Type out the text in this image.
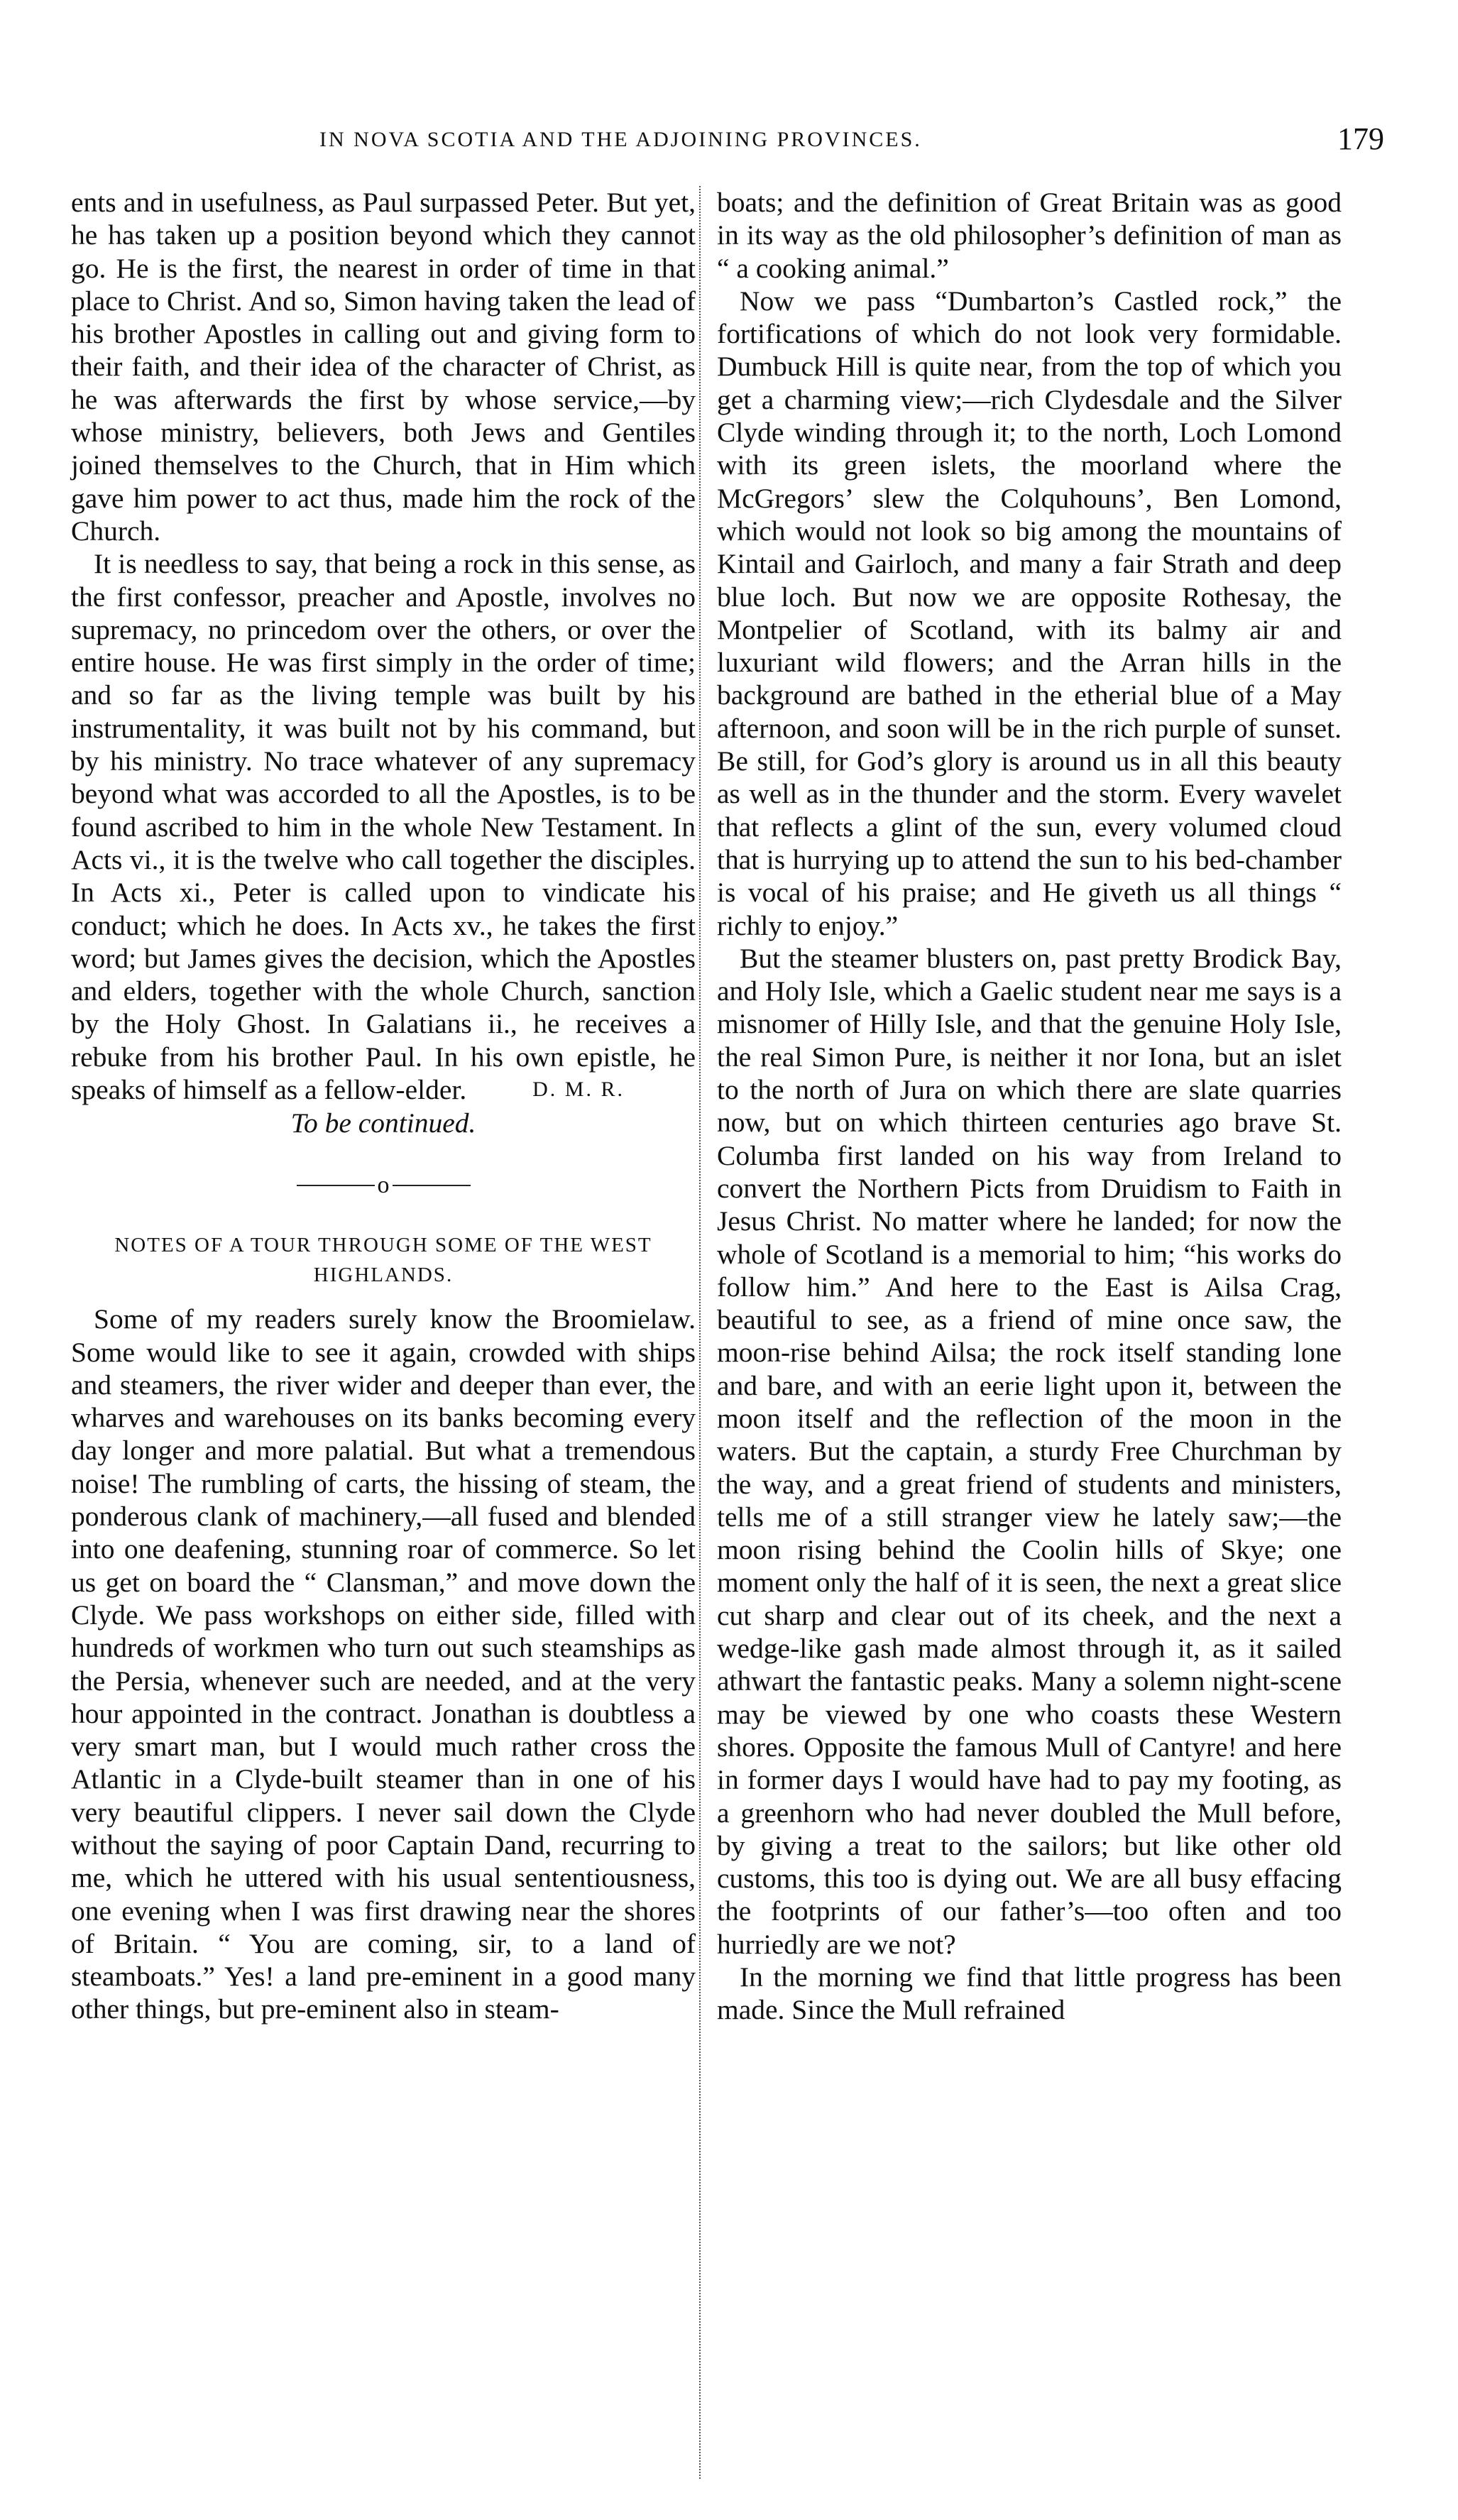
IN NOVA SCOTIA AND THE ADJOINING PROVINCES.	179

ents and in usefulness, as Paul surpassed Peter. But yet, he has taken up a position beyond which they cannot go. He is the first, the nearest in order of time in that place to Christ. And so, Simon having taken the lead of his brother Apostles in calling out and giving form to their faith, and their idea of the character of Christ, as he was afterwards the first by whose service,—by whose ministry, believers, both Jews and Gentiles joined themselves to the Church, that in Him which gave him power to act thus, made him the rock of the Church.

It is needless to say, that being a rock in this sense, as the first confessor, preacher and Apostle, involves no supremacy, no princedom over the others, or over the entire house. He was first simply in the order of time; and so far as the living temple was built by his instrumentality, it was built not by his command, but by his ministry. No trace whatever of any supremacy beyond what was accorded to all the Apostles, is to be found ascribed to him in the whole New Testament. In Acts vi., it is the twelve who call together the disciples. In Acts xi., Peter is called upon to vindicate his conduct; which he does. In Acts xv., he takes the first word; but James gives the decision, which the Apostles and elders, together with the whole Church, sanction by the Holy Ghost. In Galatians ii., he receives a rebuke from his brother Paul. In his own epistle, he speaks of himself as a fellow-elder.	D. M. R.

To be continued.

o
NOTES OF A TOUR THROUGH SOME OF THE WEST HIGHLANDS.

Some of my readers surely know the Broomielaw. Some would like to see it again, crowded with ships and steamers, the river wider and deeper than ever, the wharves and warehouses on its banks becoming every day longer and more palatial. But what a tremendous noise! The rumbling of carts, the hissing of steam, the ponderous clank of machinery,—all fused and blended into one deafening, stunning roar of commerce. So let us get on board the “ Clansman,” and move down the Clyde. We pass workshops on either side, filled with hundreds of workmen who turn out such steamships as the Persia, whenever such are needed, and at the very hour appointed in the contract. Jonathan is doubtless a very smart man, but I would much rather cross the Atlantic in a Clyde-built steamer than in one of his very beautiful clippers. I never sail down the Clyde without the saying of poor Captain Dand, recurring to me, which he uttered with his usual sententiousness, one evening when I was first drawing near the shores of Britain. “ You are coming, sir, to a land of steamboats.” Yes! a land pre-eminent in a good many other things, but pre-eminent also in steam-

boats; and the definition of Great Britain was as good in its way as the old philosopher’s definition of man as “ a cooking animal.”

Now we pass “Dumbarton’s Castled rock,” the fortifications of which do not look very formidable. Dumbuck Hill is quite near, from the top of which you get a charming view;—rich Clydesdale and the Silver Clyde winding through it; to the north, Loch Lomond with its green islets, the moorland where the McGregors’ slew the Colquhouns’, Ben Lomond, which would not look so big among the mountains of Kintail and Gairloch, and many a fair Strath and deep blue loch. But now we are opposite Rothesay, the Montpelier of Scotland, with its balmy air and luxuriant wild flowers; and the Arran hills in the background are bathed in the etherial blue of a May afternoon, and soon will be in the rich purple of sunset. Be still, for God’s glory is around us in all this beauty as well as in the thunder and the storm. Every wavelet that reflects a glint of the sun, every volumed cloud that is hurrying up to attend the sun to his bed-chamber is vocal of his praise; and He giveth us all things “ richly to enjoy.”

But the steamer blusters on, past pretty Brodick Bay, and Holy Isle, which a Gaelic student near me says is a misnomer of Hilly Isle, and that the genuine Holy Isle, the real Simon Pure, is neither it nor Iona, but an islet to the north of Jura on which there are slate quarries now, but on which thirteen centuries ago brave St. Columba first landed on his way from Ireland to convert the Northern Picts from Druidism to Faith in Jesus Christ. No matter where he landed; for now the whole of Scotland is a memorial to him; “his works do follow him.” And here to the East is Ailsa Crag, beautiful to see, as a friend of mine once saw, the moon-rise behind Ailsa; the rock itself standing lone and bare, and with an eerie light upon it, between the moon itself and the reflection of the moon in the waters. But the captain, a sturdy Free Churchman by the way, and a great friend of students and ministers, tells me of a still stranger view he lately saw;—the moon rising behind the Coolin hills of Skye; one moment only the half of it is seen, the next a great slice cut sharp and clear out of its cheek, and the next a wedge-like gash made almost through it, as it sailed athwart the fantastic peaks. Many a solemn night-scene may be viewed by one who coasts these Western shores. Opposite the famous Mull of Cantyre! and here in former days I would have had to pay my footing, as a greenhorn who had never doubled the Mull before, by giving a treat to the sailors; but like other old customs, this too is dying out. We are all busy effacing the footprints of our father’s—too often and too hurriedly are we not?

In the morning we find that little progress has been made. Since the Mull refrained
